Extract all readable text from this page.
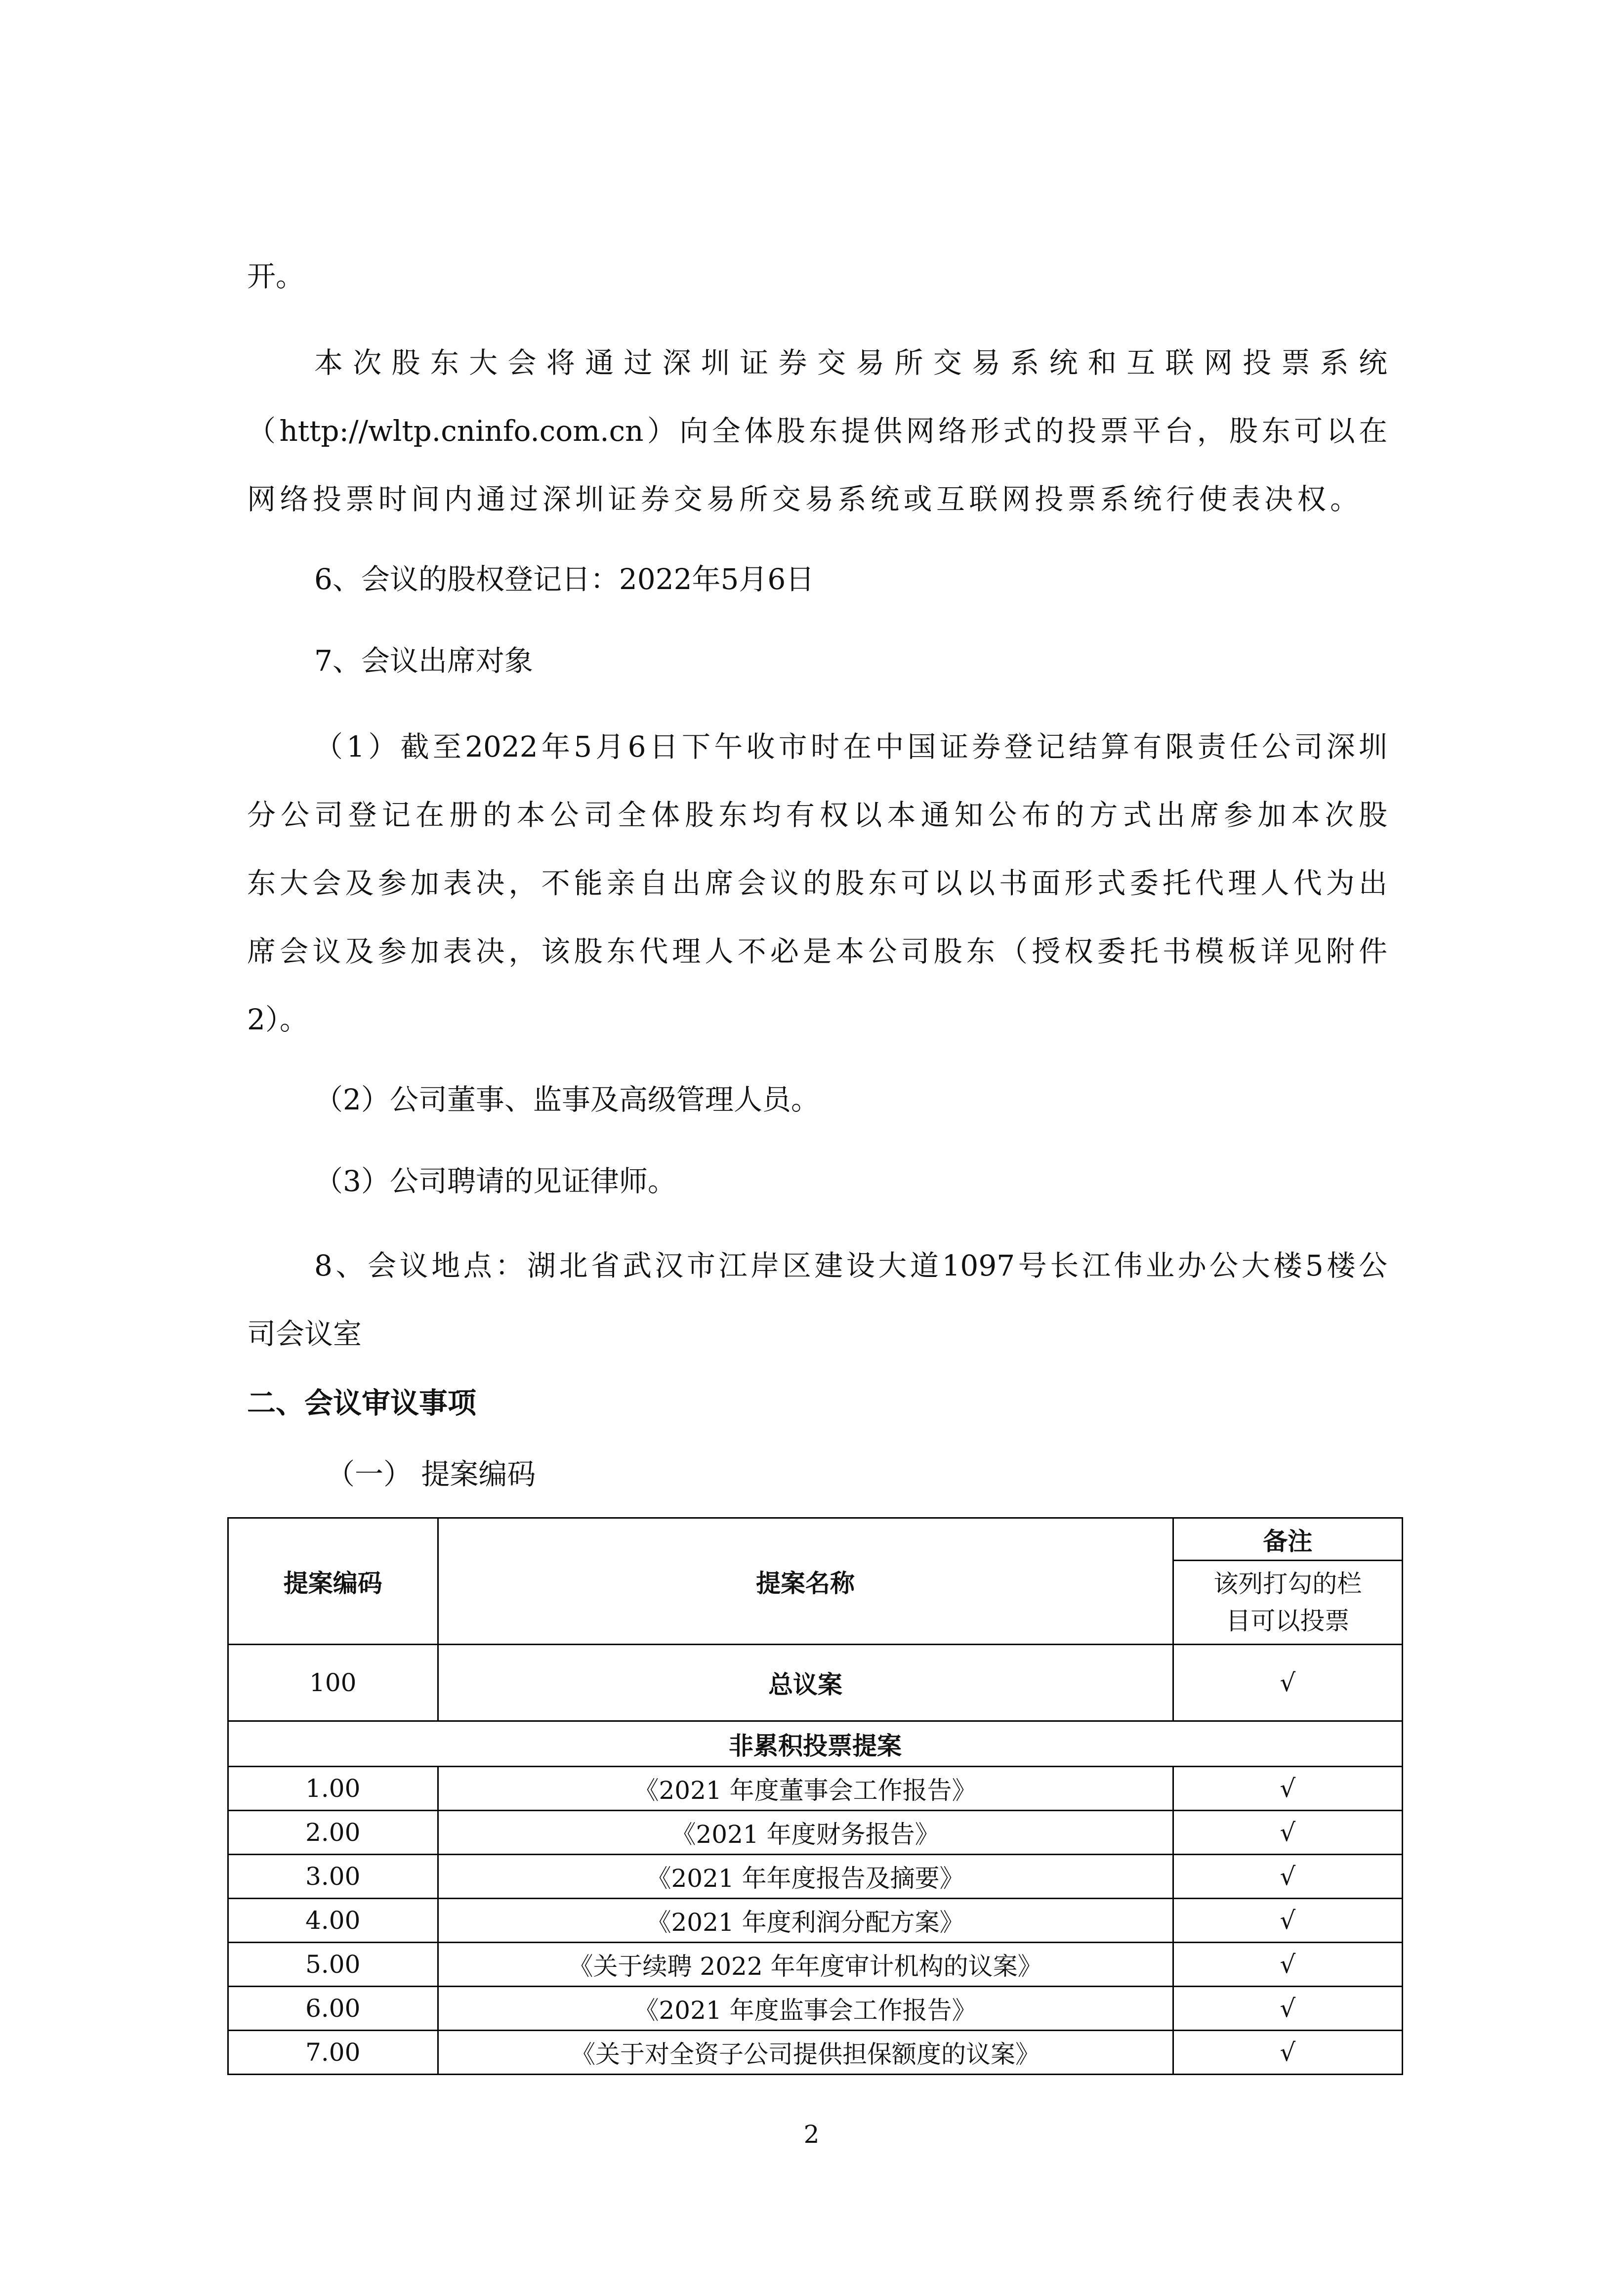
开。
本次股东大会将通过深圳证券交易所交易系统和互联网投票系统
（http://wltp.cninfo.com.cn）向全体股东提供网络形式的投票平台，股东可以在
网络投票时间内通过深圳证券交易所交易系统或互联网投票系统行使表决权。
6、会议的股权登记日：2022年5月6日
7、会议出席对象
（1）截至2022年5月6日下午收市时在中国证券登记结算有限责任公司深圳
分公司登记在册的本公司全体股东均有权以本通知公布的方式出席参加本次股
东大会及参加表决，不能亲自出席会议的股东可以以书面形式委托代理人代为出
席会议及参加表决，该股东代理人不必是本公司股东（授权委托书模板详见附件
2）。
（2）公司董事、监事及高级管理人员。
（3）公司聘请的见证律师。
8、会议地点：湖北省武汉市江岸区建设大道1097号长江伟业办公大楼5楼公
司会议室
二、会议审议事项
（一） 提案编码
提案编码	提案名称	备注

		该列打勾的栏
目可以投票

100	总议案	√
非累积投票提案		
1.00	《2021 年度董事会工作报告》	√
2.00	《2021 年度财务报告》	√
3.00	《2021 年年度报告及摘要》	√
4.00	《2021 年度利润分配方案》	√
5.00	《关于续聘 2022 年年度审计机构的议案》	√
6.00	《2021 年度监事会工作报告》	√
7.00	《关于对全资子公司提供担保额度的议案》	√
2
